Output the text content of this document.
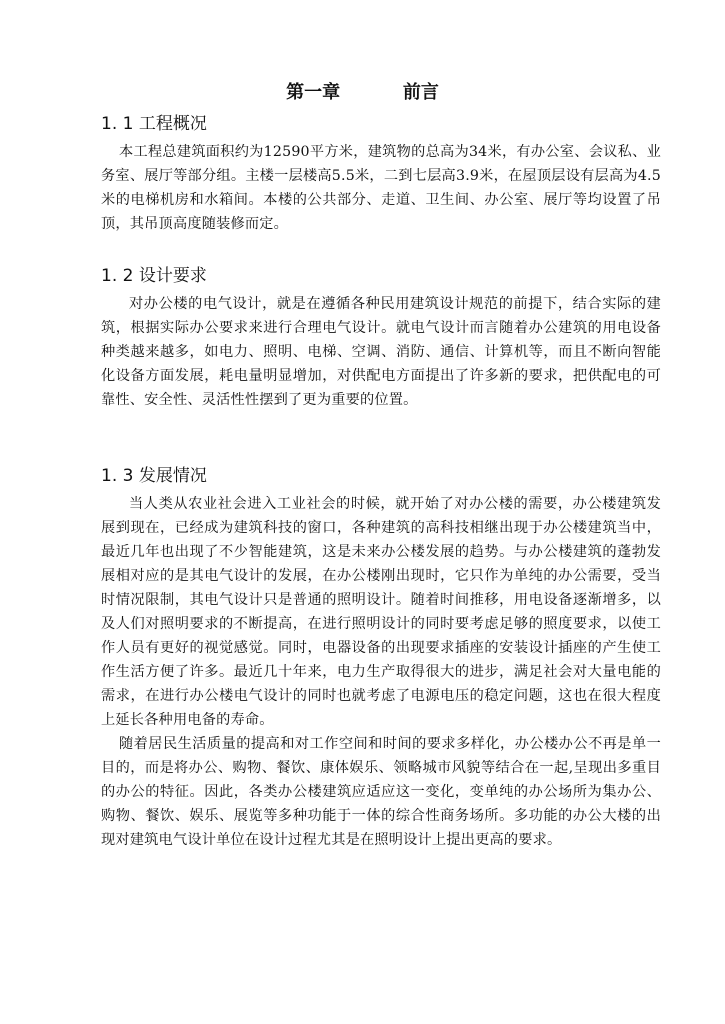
第一章          前言
1. 1 工程概况

本工程总建筑面积约为12590平方米，建筑物的总高为34米，有办公室、会议私、业务室、展厅等部分组。主楼一层楼高5.5米，二到七层高3.9米，在屋顶层设有层高为4.5米的电梯机房和水箱间。本楼的公共部分、走道、卫生间、办公室、展厅等均设置了吊顶，其吊顶高度随装修而定。

1. 2 设计要求

对办公楼的电气设计，就是在遵循各种民用建筑设计规范的前提下，结合实际的建筑，根据实际办公要求来进行合理电气设计。就电气设计而言随着办公建筑的用电设备种类越来越多，如电力、照明、电梯、空调、消防、通信、计算机等，而且不断向智能化设备方面发展，耗电量明显增加，对供配电方面提出了许多新的要求，把供配电的可靠性、安全性、灵活性性摆到了更为重要的位置。

1. 3 发展情况

当人类从农业社会进入工业社会的时候，就开始了对办公楼的需要，办公楼建筑发展到现在，已经成为建筑科技的窗口，各种建筑的高科技相继出现于办公楼建筑当中，最近几年也出现了不少智能建筑，这是未来办公楼发展的趋势。与办公楼建筑的蓬勃发展相对应的是其电气设计的发展，在办公楼刚出现时，它只作为单纯的办公需要，受当时情况限制，其电气设计只是普通的照明设计。随着时间推移，用电设备逐渐增多，以及人们对照明要求的不断提高，在进行照明设计的同时要考虑足够的照度要求，以使工作人员有更好的视觉感觉。同时，电器设备的出现要求插座的安装设计插座的产生使工作生活方便了许多。最近几十年来，电力生产取得很大的进步，满足社会对大量电能的需求，在进行办公楼电气设计的同时也就考虑了电源电压的稳定问题，这也在很大程度上延长各种用电备的寿命。

随着居民生活质量的提高和对工作空间和时间的要求多样化，办公楼办公不再是单一目的，而是将办公、购物、餐饮、康体娱乐、领略城市风貌等结合在一起,呈现出多重目的办公的特征。因此，各类办公楼建筑应适应这一变化，变单纯的办公场所为集办公、购物、餐饮、娱乐、展览等多种功能于一体的综合性商务场所。多功能的办公大楼的出现对建筑电气设计单位在设计过程尤其是在照明设计上提出更高的要求。
